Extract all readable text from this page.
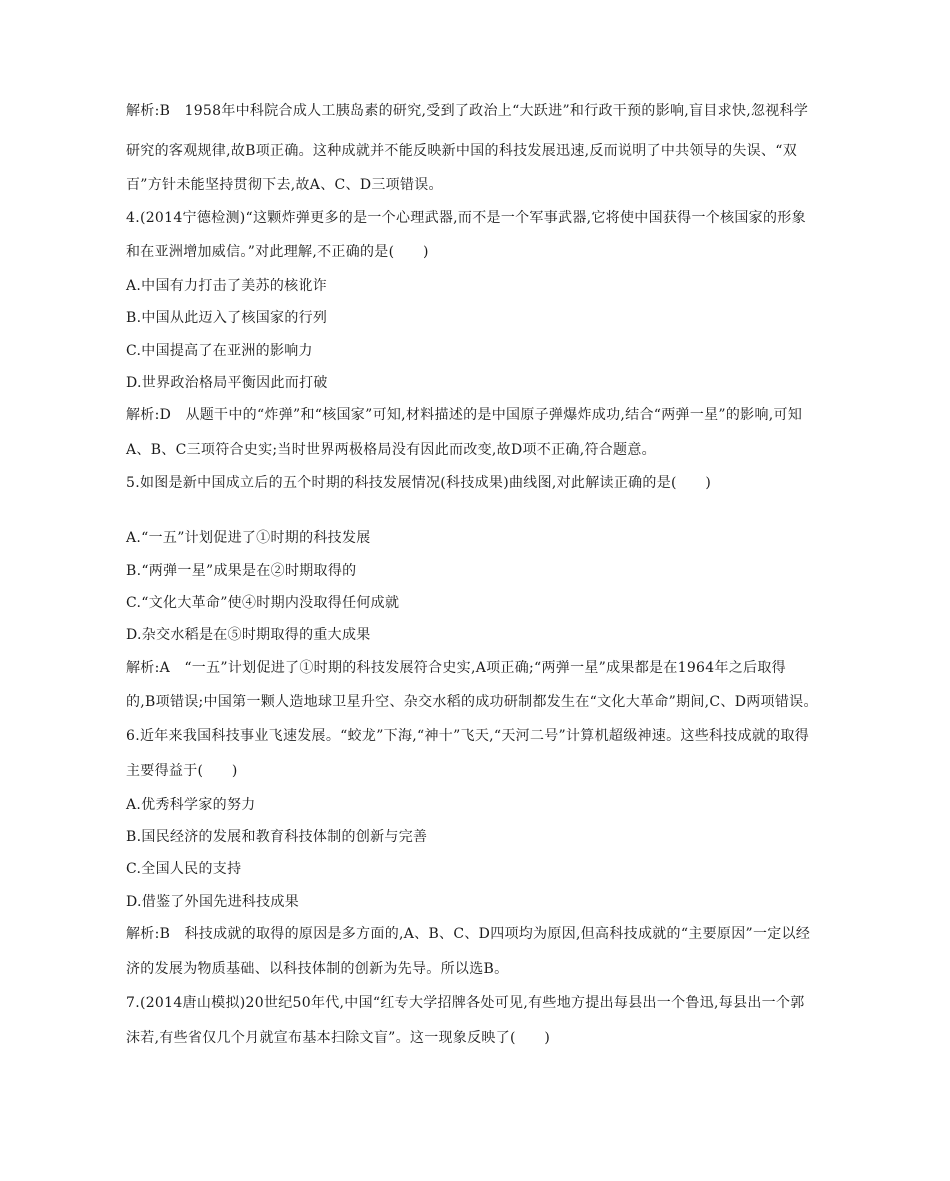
解析:B　1958年中科院合成人工胰岛素的研究,受到了政治上“大跃进”和行政干预的影响,盲目求快,忽视科学
研究的客观规律,故B项正确。这种成就并不能反映新中国的科技发展迅速,反而说明了中共领导的失误、“双
百”方针未能坚持贯彻下去,故A、C、D三项错误。
4.(2014宁德检测)“这颗炸弹更多的是一个心理武器,而不是一个军事武器,它将使中国获得一个核国家的形象
和在亚洲增加威信。”对此理解,不正确的是(　　)
A.中国有力打击了美苏的核讹诈
B.中国从此迈入了核国家的行列
C.中国提高了在亚洲的影响力
D.世界政治格局平衡因此而打破
解析:D　从题干中的“炸弹”和“核国家”可知,材料描述的是中国原子弹爆炸成功,结合“两弹一星”的影响,可知
A、B、C三项符合史实;当时世界两极格局没有因此而改变,故D项不正确,符合题意。
5.如图是新中国成立后的五个时期的科技发展情况(科技成果)曲线图,对此解读正确的是(　　)
A.“一五”计划促进了①时期的科技发展
B.“两弹一星”成果是在②时期取得的
C.“文化大革命”使④时期内没取得任何成就
D.杂交水稻是在⑤时期取得的重大成果
解析:A　“一五”计划促进了①时期的科技发展符合史实,A项正确;“两弹一星”成果都是在1964年之后取得
的,B项错误;中国第一颗人造地球卫星升空、杂交水稻的成功研制都发生在“文化大革命”期间,C、D两项错误。
6.近年来我国科技事业飞速发展。“蛟龙”下海,“神十”飞天,“天河二号”计算机超级神速。这些科技成就的取得
主要得益于(　　)
A.优秀科学家的努力
B.国民经济的发展和教育科技体制的创新与完善
C.全国人民的支持
D.借鉴了外国先进科技成果
解析:B　科技成就的取得的原因是多方面的,A、B、C、D四项均为原因,但高科技成就的“主要原因”一定以经
济的发展为物质基础、以科技体制的创新为先导。所以选B。
7.(2014唐山模拟)20世纪50年代,中国“红专大学招牌各处可见,有些地方提出每县出一个鲁迅,每县出一个郭
沫若,有些省仅几个月就宣布基本扫除文盲”。这一现象反映了(　　)
